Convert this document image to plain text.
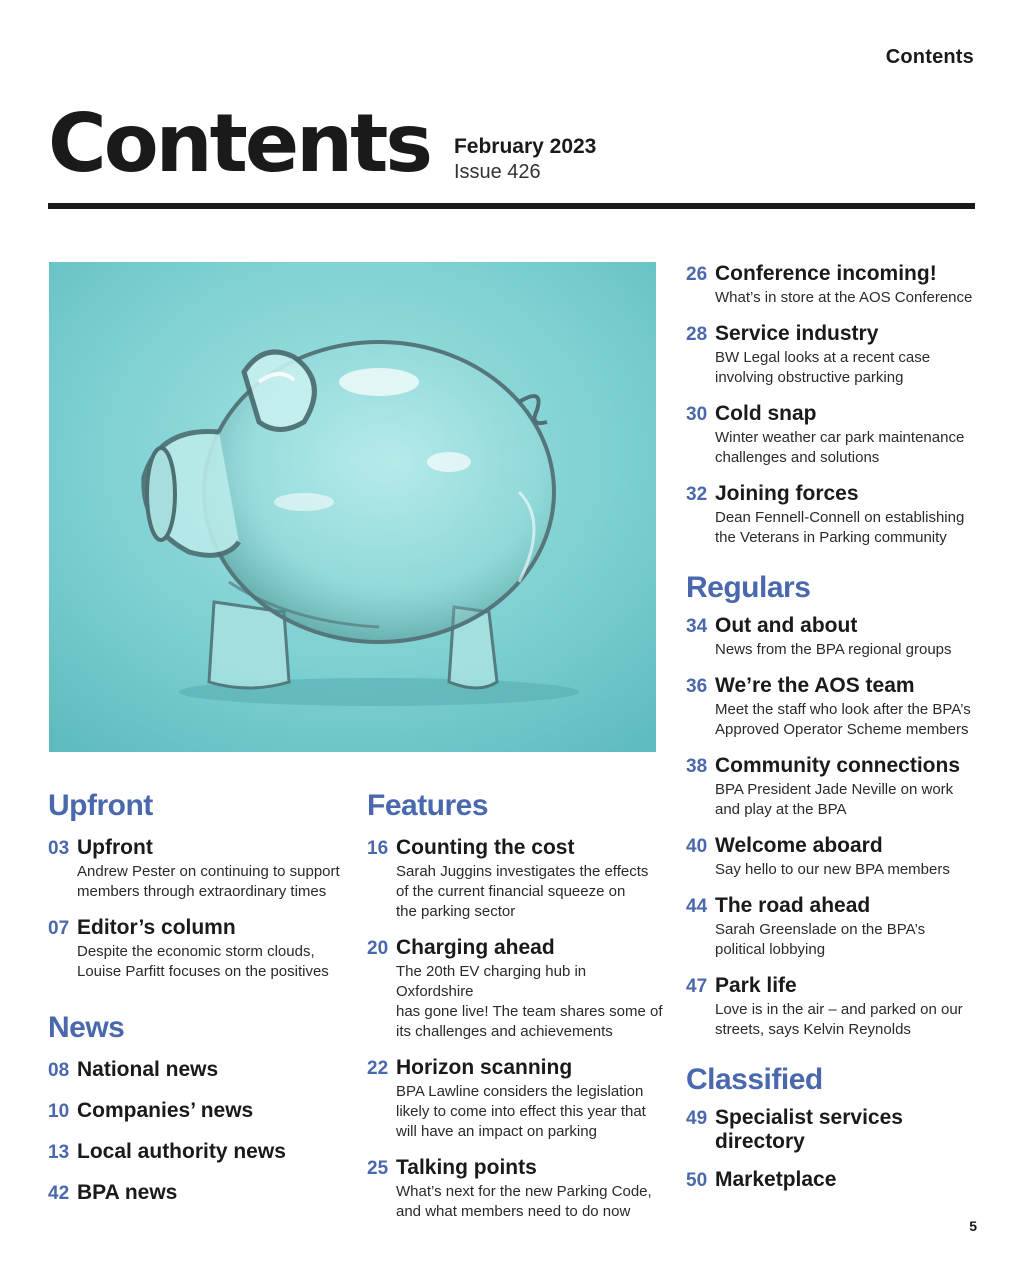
Contents
Contents February 2023
Issue 426
Upfront
03 Upfront
Andrew Pester on continuing to support
members through extraordinary times
07 Editor’s column
Despite the economic storm clouds,
Louise Parfitt focuses on the positives
News
08 National news
10 Companies’ news
13 Local authority news
42 BPA news
Features
16 Counting the cost
Sarah Juggins investigates the effects
of the current financial squeeze on
the parking sector
20 Charging ahead
The 20th EV charging hub in Oxfordshire
has gone live! The team shares some of
its challenges and achievements
22 Horizon scanning
BPA Lawline considers the legislation
likely to come into effect this year that
will have an impact on parking
25 Talking points
What’s next for the new Parking Code,
and what members need to do now
26 Conference incoming!
What’s in store at the AOS Conference
28 Service industry
BW Legal looks at a recent case
involving obstructive parking
30 Cold snap
Winter weather car park maintenance
challenges and solutions
32 Joining forces
Dean Fennell-Connell on establishing
the Veterans in Parking community
Regulars
34 Out and about
News from the BPA regional groups
36 We’re the AOS team
Meet the staff who look after the BPA’s
Approved Operator Scheme members
38 Community connections
BPA President Jade Neville on work
and play at the BPA
40 Welcome aboard
Say hello to our new BPA members
44 The road ahead
Sarah Greenslade on the BPA’s
political lobbying
47 Park life
Love is in the air – and parked on our
streets, says Kelvin Reynolds
Classified
49 Specialist services
directory
50 Marketplace
5
